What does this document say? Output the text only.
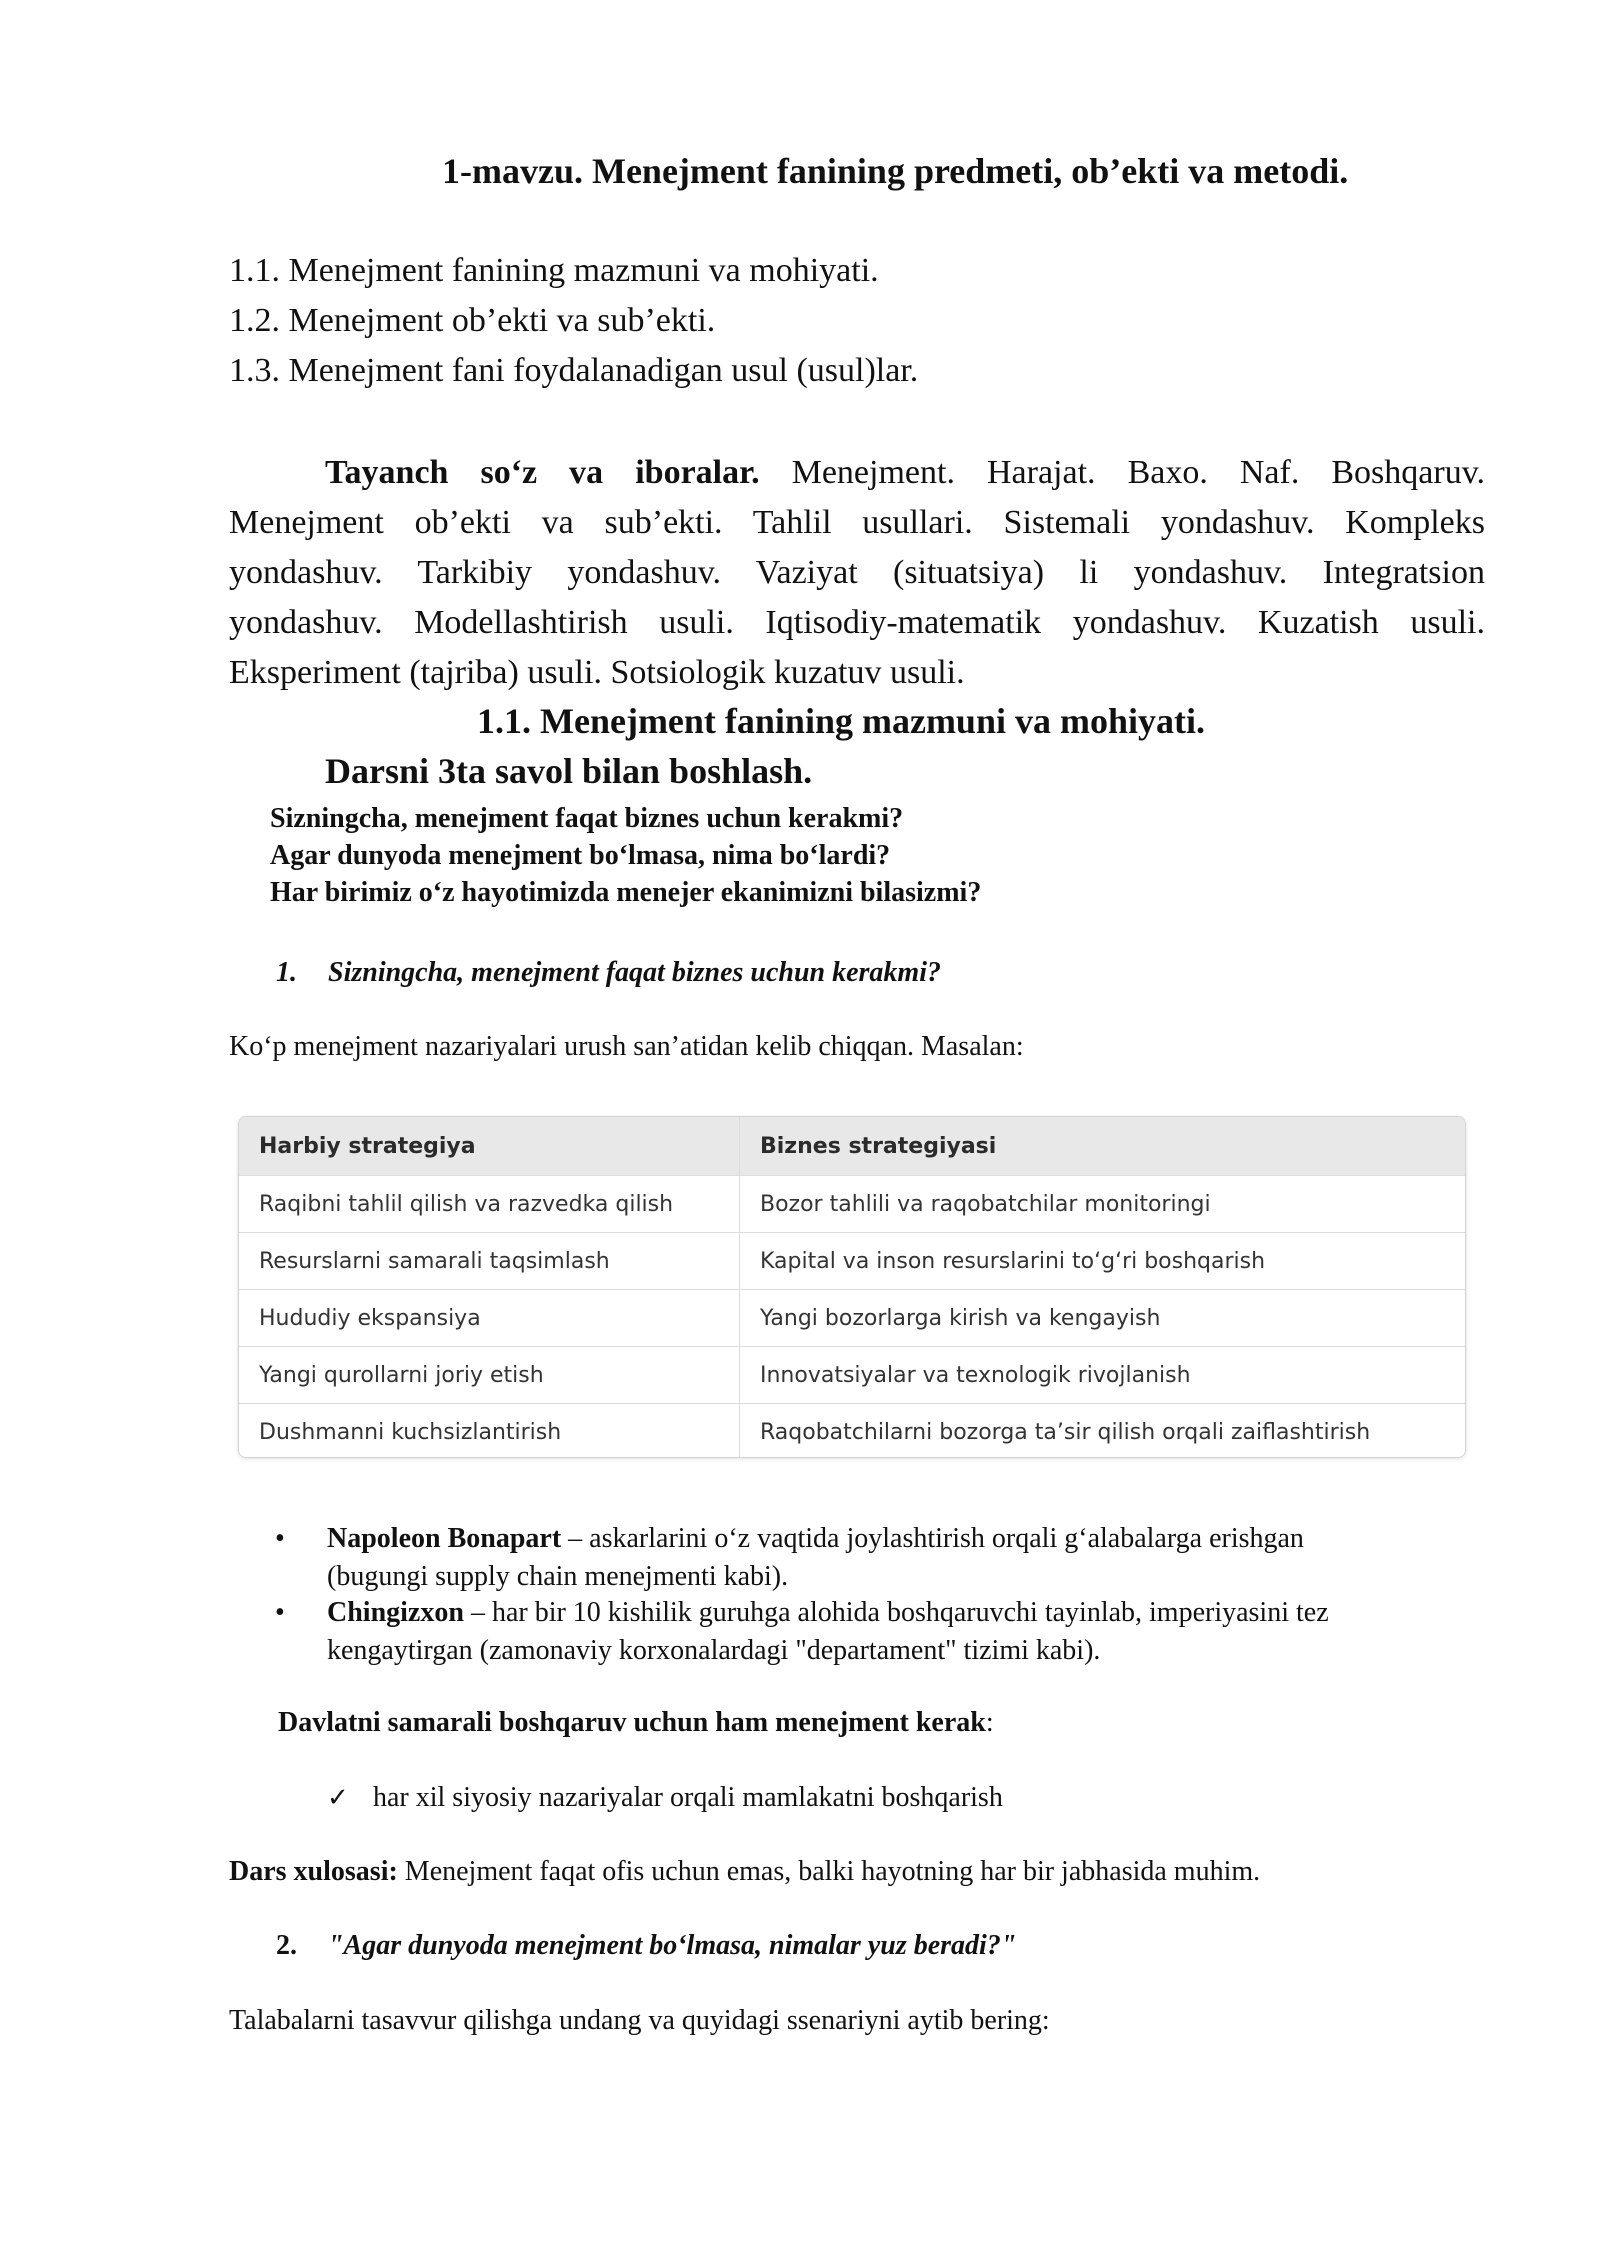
1-mavzu. Menejment fanining predmeti, ob’ekti va metodi.
1.1. Menejment fanining mazmuni va mohiyati.
1.2. Menejment ob’ekti va sub’ekti.
1.3. Menejment fani foydalanadigan usul (usul)lar.
Tayanch so‘z va iboralar. Menejment. Harajat. Baxo. Naf. Boshqaruv.
Menejment ob’ekti va sub’ekti. Tahlil usullari. Sistemali yondashuv. Kompleks
yondashuv. Tarkibiy yondashuv. Vaziyat (situatsiya) li yondashuv. Integratsion
yondashuv. Modellashtirish usuli. Iqtisodiy-matematik yondashuv. Kuzatish usuli.
Eksperiment (tajriba) usuli. Sotsiologik kuzatuv usuli.
1.1. Menejment fanining mazmuni va mohiyati.
Darsni 3ta savol bilan boshlash.
Sizningcha, menejment faqat biznes uchun kerakmi?
Agar dunyoda menejment bo‘lmasa, nima bo‘lardi?
Har birimiz o‘z hayotimizda menejer ekanimizni bilasizmi?
1. Sizningcha, menejment faqat biznes uchun kerakmi?
Ko‘p menejment nazariyalari urush san’atidan kelib chiqqan. Masalan:
Harbiy strategiya	Biznes strategiyasi
Raqibni tahlil qilish va razvedka qilish	Bozor tahlili va raqobatchilar monitoringi
Resurslarni samarali taqsimlash	Kapital va inson resurslarini to‘g‘ri boshqarish
Hududiy ekspansiya	Yangi bozorlarga kirish va kengayish
Yangi qurollarni joriy etish	Innovatsiyalar va texnologik rivojlanish
Dushmanni kuchsizlantirish	Raqobatchilarni bozorga ta’sir qilish orqali zaiflashtirish
• Napoleon Bonapart – askarlarini o‘z vaqtida joylashtirish orqali g‘alabalarga erishgan
(bugungi supply chain menejmenti kabi).
• Chingizxon – har bir 10 kishilik guruhga alohida boshqaruvchi tayinlab, imperiyasini tez
kengaytirgan (zamonaviy korxonalardagi "departament" tizimi kabi).
Davlatni samarali boshqaruv uchun ham menejment kerak:
✓ har xil siyosiy nazariyalar orqali mamlakatni boshqarish
Dars xulosasi: Menejment faqat ofis uchun emas, balki hayotning har bir jabhasida muhim.
2. "Agar dunyoda menejment bo‘lmasa, nimalar yuz beradi?"
Talabalarni tasavvur qilishga undang va quyidagi ssenariyni aytib bering:
